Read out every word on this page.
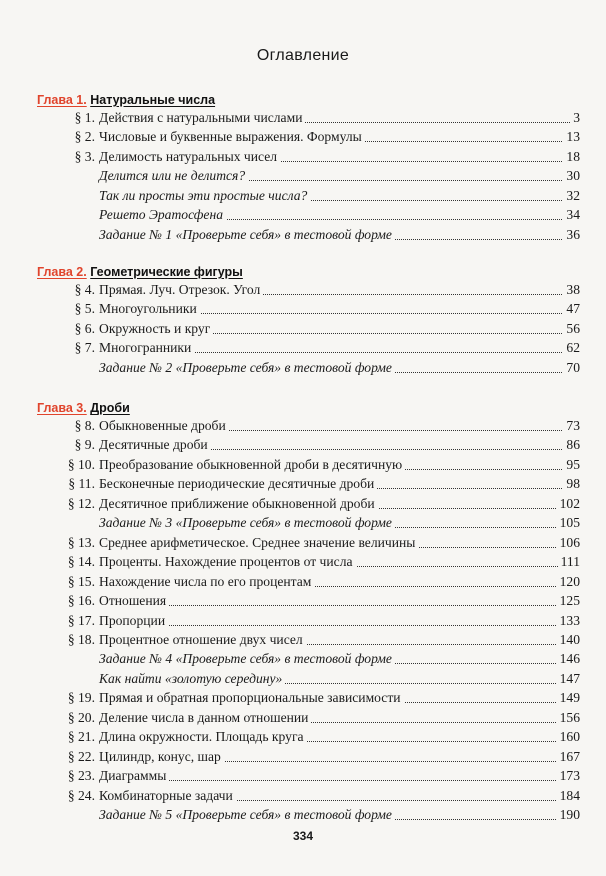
Оглавление
Глава 1. Натуральные числа
§ 1. Действия с натуральными числами	3
§ 2. Числовые и буквенные выражения. Формулы	13
§ 3. Делимость натуральных чисел	18
Делится или не делится?	30
Так ли просты эти простые числа?	32
Решето Эратосфена	34
Задание № 1 «Проверьте себя» в тестовой форме	36
Глава 2. Геометрические фигуры
§ 4. Прямая. Луч. Отрезок. Угол	38
§ 5. Многоугольники	47
§ 6. Окружность и круг	56
§ 7. Многогранники	62
Задание № 2 «Проверьте себя» в тестовой форме	70
Глава 3. Дроби
§ 8. Обыкновенные дроби	73
§ 9. Десятичные дроби	86
§ 10. Преобразование обыкновенной дроби в десятичную	95
§ 11. Бесконечные периодические десятичные дроби	98
§ 12. Десятичное приближение обыкновенной дроби	102
Задание № 3 «Проверьте себя» в тестовой форме	105
§ 13. Среднее арифметическое. Среднее значение величины	106
§ 14. Проценты. Нахождение процентов от числа	111
§ 15. Нахождение числа по его процентам	120
§ 16. Отношения	125
§ 17. Пропорции	133
§ 18. Процентное отношение двух чисел	140
Задание № 4 «Проверьте себя» в тестовой форме	146
Как найти «золотую середину»	147
§ 19. Прямая и обратная пропорциональные зависимости	149
§ 20. Деление числа в данном отношении	156
§ 21. Длина окружности. Площадь круга	160
§ 22. Цилиндр, конус, шар	167
§ 23. Диаграммы	173
§ 24. Комбинаторные задачи	184
Задание № 5 «Проверьте себя» в тестовой форме	190
334
